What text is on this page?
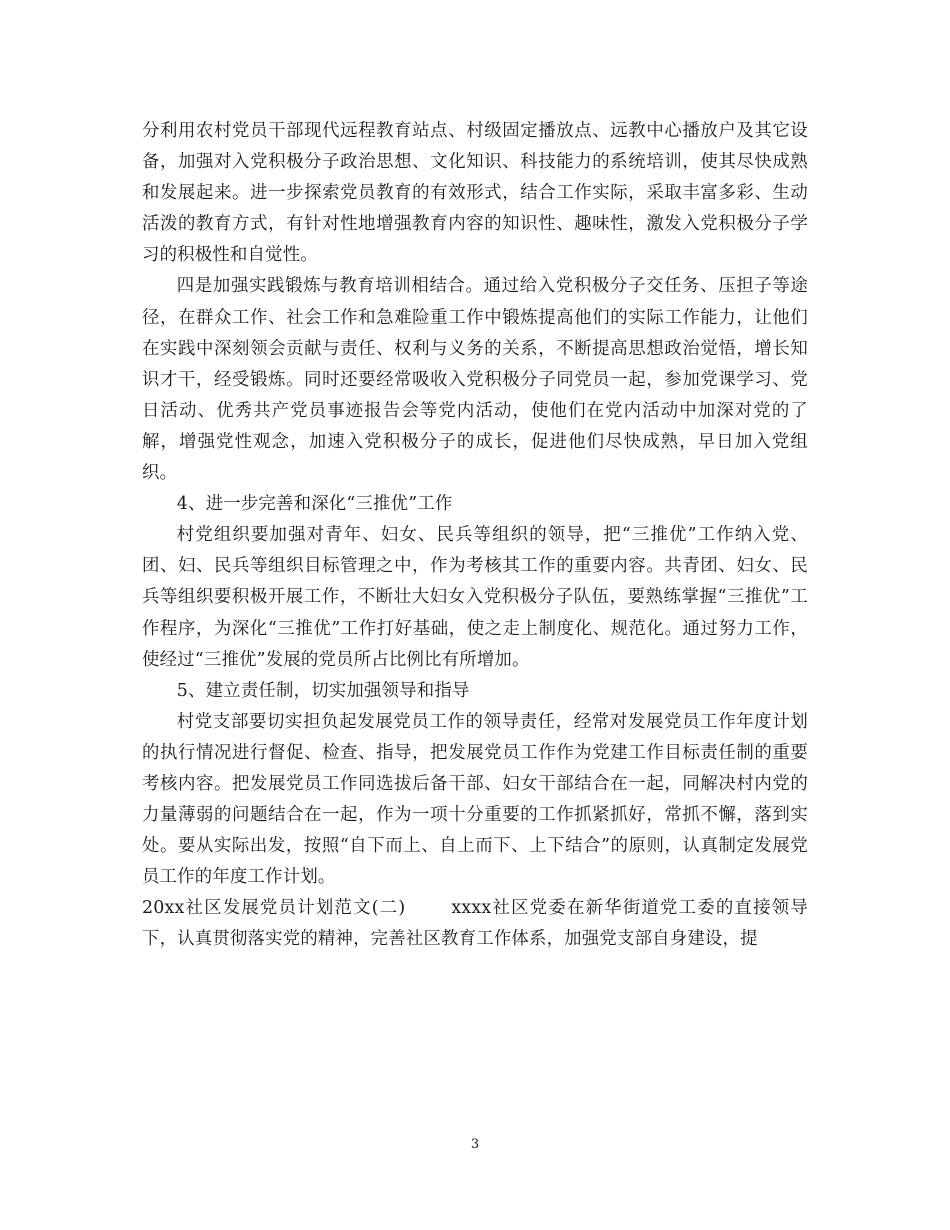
分利用农村党员干部现代远程教育站点、村级固定播放点、远教中心播放户及其它设备，加强对入党积极分子政治思想、文化知识、科技能力的系统培训，使其尽快成熟和发展起来。进一步探索党员教育的有效形式，结合工作实际，采取丰富多彩、生动活泼的教育方式，有针对性地增强教育内容的知识性、趣味性，激发入党积极分子学习的积极性和自觉性。

四是加强实践锻炼与教育培训相结合。通过给入党积极分子交任务、压担子等途径，在群众工作、社会工作和急难险重工作中锻炼提高他们的实际工作能力，让他们在实践中深刻领会贡献与责任、权利与义务的关系，不断提高思想政治觉悟，增长知识才干，经受锻炼。同时还要经常吸收入党积极分子同党员一起，参加党课学习、党日活动、优秀共产党员事迹报告会等党内活动，使他们在党内活动中加深对党的了解，增强党性观念，加速入党积极分子的成长，促进他们尽快成熟，早日加入党组织。

4、进一步完善和深化“三推优”工作

村党组织要加强对青年、妇女、民兵等组织的领导，把“三推优”工作纳入党、团、妇、民兵等组织目标管理之中，作为考核其工作的重要内容。共青团、妇女、民兵等组织要积极开展工作，不断壮大妇女入党积极分子队伍，要熟练掌握“三推优”工作程序，为深化“三推优”工作打好基础，使之走上制度化、规范化。通过努力工作，使经过“三推优”发展的党员所占比例比有所增加。

5、建立责任制，切实加强领导和指导

村党支部要切实担负起发展党员工作的领导责任，经常对发展党员工作年度计划的执行情况进行督促、检查、指导，把发展党员工作作为党建工作目标责任制的重要考核内容。把发展党员工作同选拔后备干部、妇女干部结合在一起，同解决村内党的力量薄弱的问题结合在一起，作为一项十分重要的工作抓紧抓好，常抓不懈，落到实处。要从实际出发，按照“自下而上、自上而下、上下结合”的原则，认真制定发展党员工作的年度工作计划。

20xx社区发展党员计划范文(二)	xxxx社区党委在新华街道党工委的直接领导下，认真贯彻落实党的精神，完善社区教育工作体系，加强党支部自身建设，提

3
